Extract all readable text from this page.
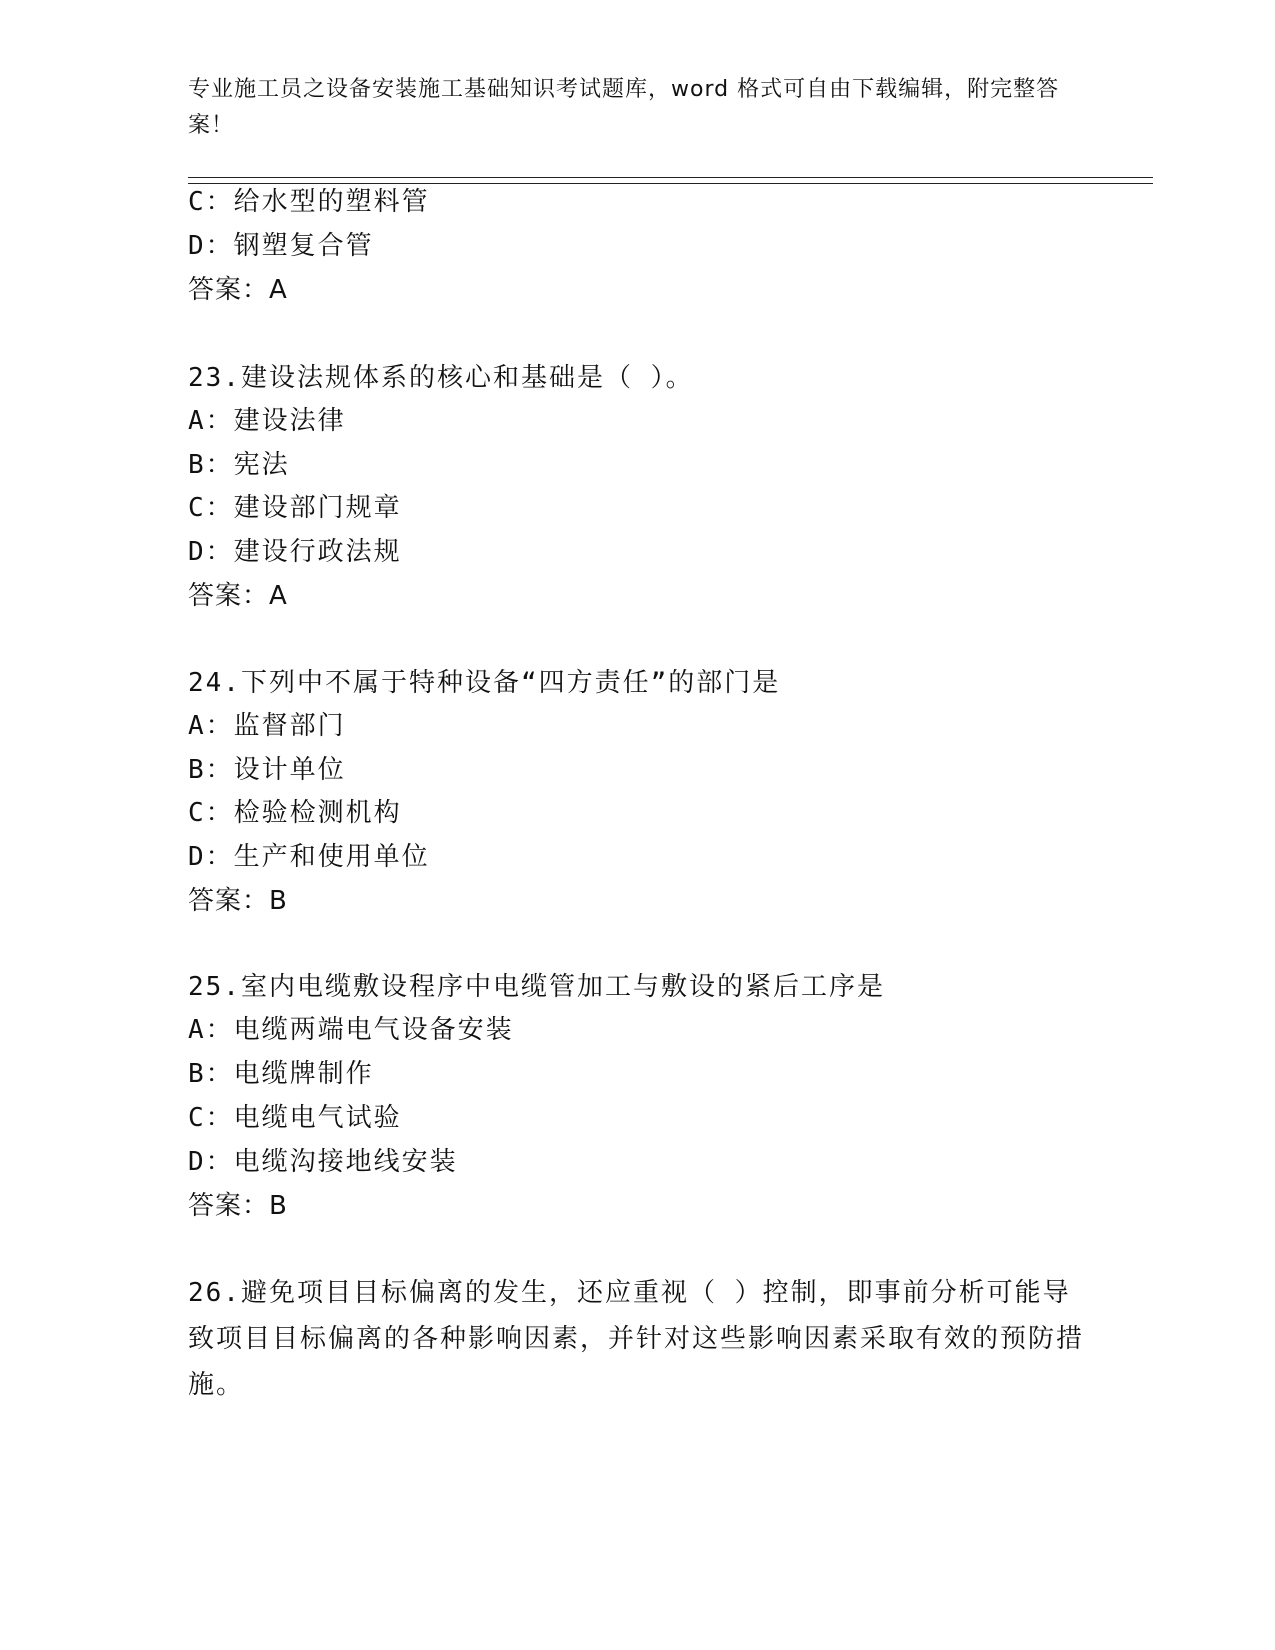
专业施工员之设备安装施工基础知识考试题库，word 格式可自由下载编辑，附完整答案！
C：给水型的塑料管
D：钢塑复合管
答案：A
23.建设法规体系的核心和基础是（ ）。
A：建设法律
B：宪法
C：建设部门规章
D：建设行政法规
答案：A
24.下列中不属于特种设备“四方责任”的部门是
A：监督部门
B：设计单位
C：检验检测机构
D：生产和使用单位
答案：B
25.室内电缆敷设程序中电缆管加工与敷设的紧后工序是
A：电缆两端电气设备安装
B：电缆牌制作
C：电缆电气试验
D：电缆沟接地线安装
答案：B
26.避免项目目标偏离的发生，还应重视（ ）控制，即事前分析可能导致项目目标偏离的各种影响因素，并针对这些影响因素采取有效的预防措施。
